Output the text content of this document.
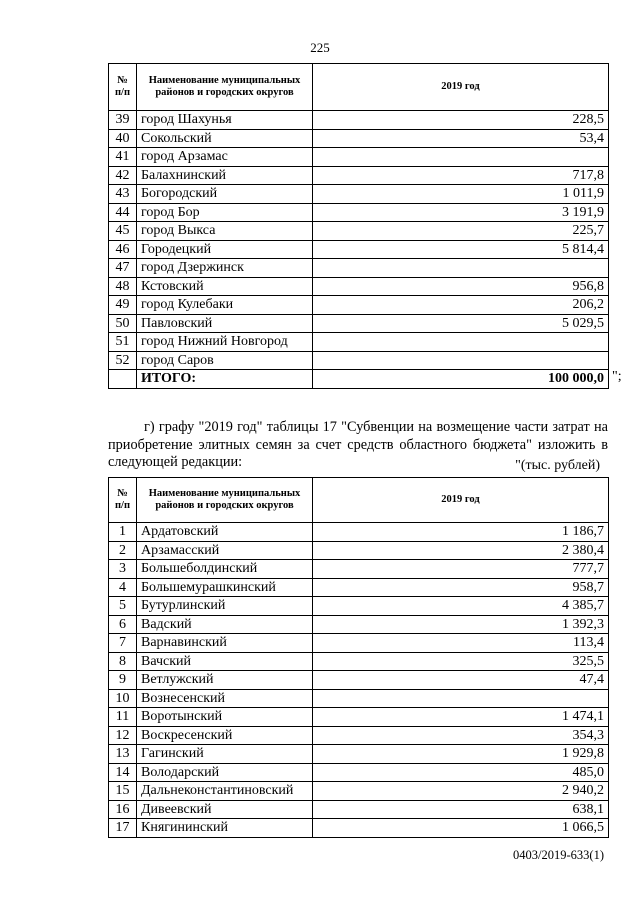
225
№ п/п	Наименование муниципальных районов и городских округов	2019 год
39	город Шахунья	228,5
40	Сокольский	53,4
41	город Арзамас	
42	Балахнинский	717,8
43	Богородский	1 011,9
44	город Бор	3 191,9
45	город Выкса	225,7
46	Городецкий	5 814,4
47	город Дзержинск	
48	Кстовский	956,8
49	город Кулебаки	206,2
50	Павловский	5 029,5
51	город Нижний Новгород	
52	город Саров	
	ИТОГО:	100 000,0 ";

г) графу "2019 год" таблицы 17 "Субвенции на возмещение части затрат на приобретение элитных семян за счет средств областного бюджета" изложить в следующей редакции:	"(тыс. рублей)
№ п/п	Наименование муниципальных районов и городских округов	2019 год
1	Ардатовский	1 186,7
2	Арзамасский	2 380,4
3	Большеболдинский	777,7
4	Большемурашкинский	958,7
5	Бутурлинский	4 385,7
6	Вадский	1 392,3
7	Варнавинский	113,4
8	Вачский	325,5
9	Ветлужский	47,4
10	Вознесенский	
11	Воротынский	1 474,1
12	Воскресенский	354,3
13	Гагинский	1 929,8
14	Володарский	485,0
15	Дальнеконстантиновский	2 940,2
16	Дивеевский	638,1
17	Княгининский	1 066,5
0403/2019-633(1)
